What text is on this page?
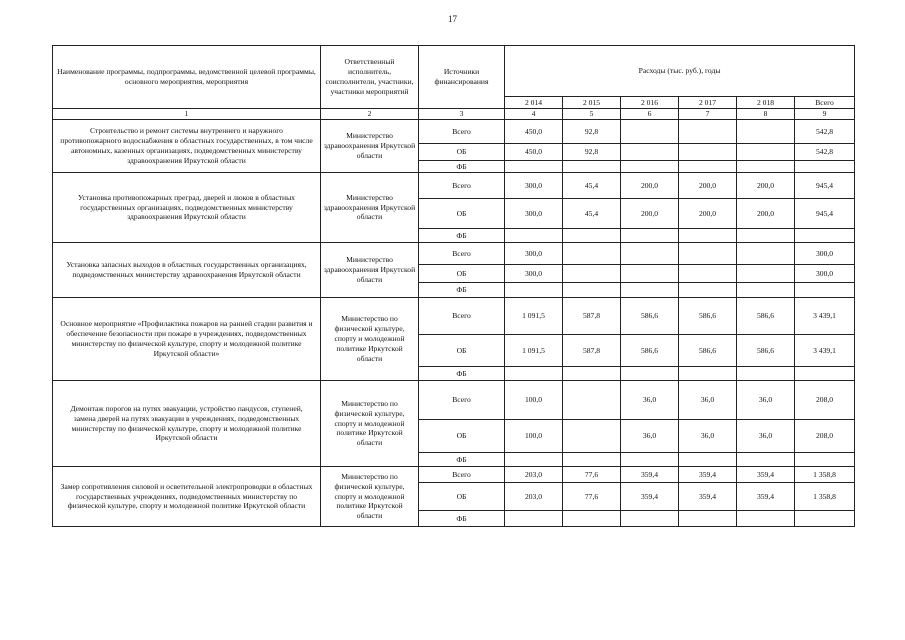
17
Наименование программы, подпрограммы, ведомственной целевой программы, основного мероприятия, мероприятия	Ответственный исполнитель, соисполнители, участники, участники мероприятий	Источники финансирования	Расходы (тыс. руб.), годы					
			2 014	2 015	2 016	2 017	2 018	Всего
1	2	3	4	5	6	7	8	9
Строительство и ремонт системы внутреннего и наружного противопожарного водоснабжения в областных государственных, в том числе автономных, казенных организациях, подведомственных министерству здравоохранения Иркутской области	Министерство здравоохранения Иркутской области	Всего	450,0	92,8				542,8
		ОБ	450,0	92,8				542,8
		ФБ						
Установка противопожарных преград, дверей и люков в областных государственных организациях, подведомственных министерству здравоохранения Иркутской области	Министерство здравоохранения Иркутской области	Всего	300,0	45,4	200,0	200,0	200,0	945,4
		ОБ	300,0	45,4	200,0	200,0	200,0	945,4
		ФБ						
Установка запасных выходов в областных государственных организациях, подведомственных министерству здравоохранения Иркутской области	Министерство здравоохранения Иркутской области	Всего	300,0					300,0
		ОБ	300,0					300,0
		ФБ						
Основное мероприятие «Профилактика пожаров на ранней стадии развития и обеспечение безопасности при пожаре в учреждениях, подведомственных министерству по физической культуре, спорту и молодежной политике Иркутской области»	Министерство по физической культуре, спорту и молодежной политике Иркутской области	Всего	1 091,5	587,8	586,6	586,6	586,6	3 439,1
		ОБ	1 091,5	587,8	586,6	586,6	586,6	3 439,1
		ФБ						
Демонтаж порогов на путях эвакуации, устройство пандусов, ступеней, замена дверей на путях эвакуации в учреждениях, подведомственных министерству по физической культуре, спорту и молодежной политике Иркутской области	Министерство по физической культуре, спорту и молодежной политике Иркутской области	Всего	100,0		36,0	36,0	36,0	208,0
		ОБ	100,0		36,0	36,0	36,0	208,0
		ФБ						
Замер сопротивления силовой и осветительной электропроводки в областных государственных учреждениях, подведомственных министерству по физической культуре, спорту и молодежной политике Иркутской области	Министерство по физической культуре, спорту и молодежной политике Иркутской области	Всего	203,0	77,6	359,4	359,4	359,4	1 358,8
		ОБ	203,0	77,6	359,4	359,4	359,4	1 358,8
		ФБ						
